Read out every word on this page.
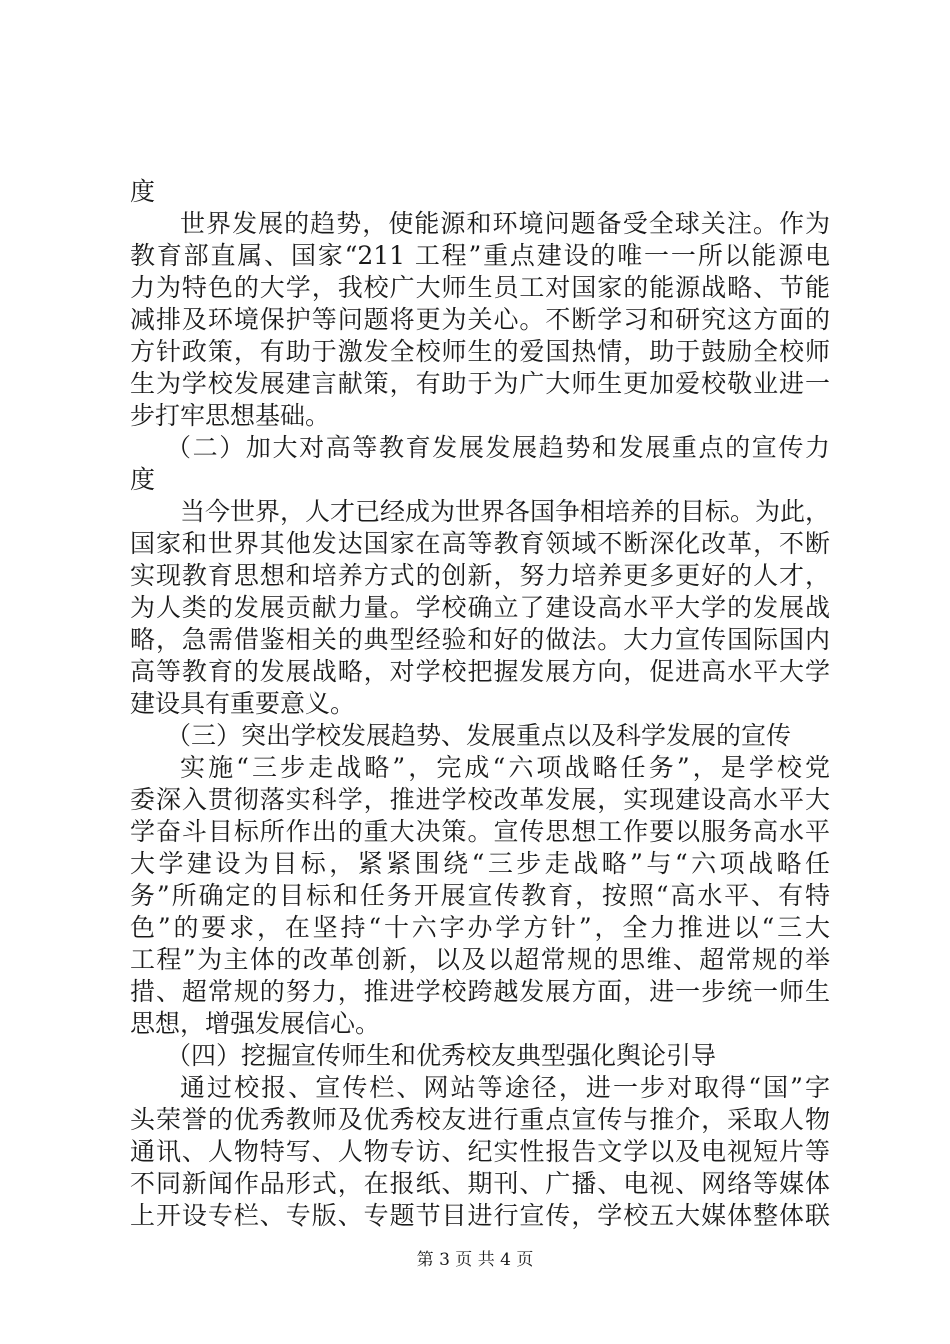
度
世界发展的趋势，使能源和环境问题备受全球关注。作为
教育部直属、国家“211 工程”重点建设的唯一一所以能源电
力为特色的大学，我校广大师生员工对国家的能源战略、节能
减排及环境保护等问题将更为关心。不断学习和研究这方面的
方针政策，有助于激发全校师生的爱国热情，助于鼓励全校师
生为学校发展建言献策，有助于为广大师生更加爱校敬业进一
步打牢思想基础。
（二）加大对高等教育发展发展趋势和发展重点的宣传力
度
当今世界，人才已经成为世界各国争相培养的目标。为此，
国家和世界其他发达国家在高等教育领域不断深化改革，不断
实现教育思想和培养方式的创新，努力培养更多更好的人才，
为人类的发展贡献力量。学校确立了建设高水平大学的发展战
略，急需借鉴相关的典型经验和好的做法。大力宣传国际国内
高等教育的发展战略，对学校把握发展方向，促进高水平大学
建设具有重要意义。
（三）突出学校发展趋势、发展重点以及科学发展的宣传
实施“三步走战略”，完成“六项战略任务”，是学校党
委深入贯彻落实科学，推进学校改革发展，实现建设高水平大
学奋斗目标所作出的重大决策。宣传思想工作要以服务高水平
大学建设为目标，紧紧围绕“三步走战略”与“六项战略任
务”所确定的目标和任务开展宣传教育，按照“高水平、有特
色”的要求，在坚持“十六字办学方针”，全力推进以“三大
工程”为主体的改革创新，以及以超常规的思维、超常规的举
措、超常规的努力，推进学校跨越发展方面，进一步统一师生
思想，增强发展信心。
（四）挖掘宣传师生和优秀校友典型强化舆论引导
通过校报、宣传栏、网站等途径，进一步对取得“国”字
头荣誉的优秀教师及优秀校友进行重点宣传与推介，采取人物
通讯、人物特写、人物专访、纪实性报告文学以及电视短片等
不同新闻作品形式，在报纸、期刊、广播、电视、网络等媒体
上开设专栏、专版、专题节目进行宣传，学校五大媒体整体联
第 3 页 共 4 页
